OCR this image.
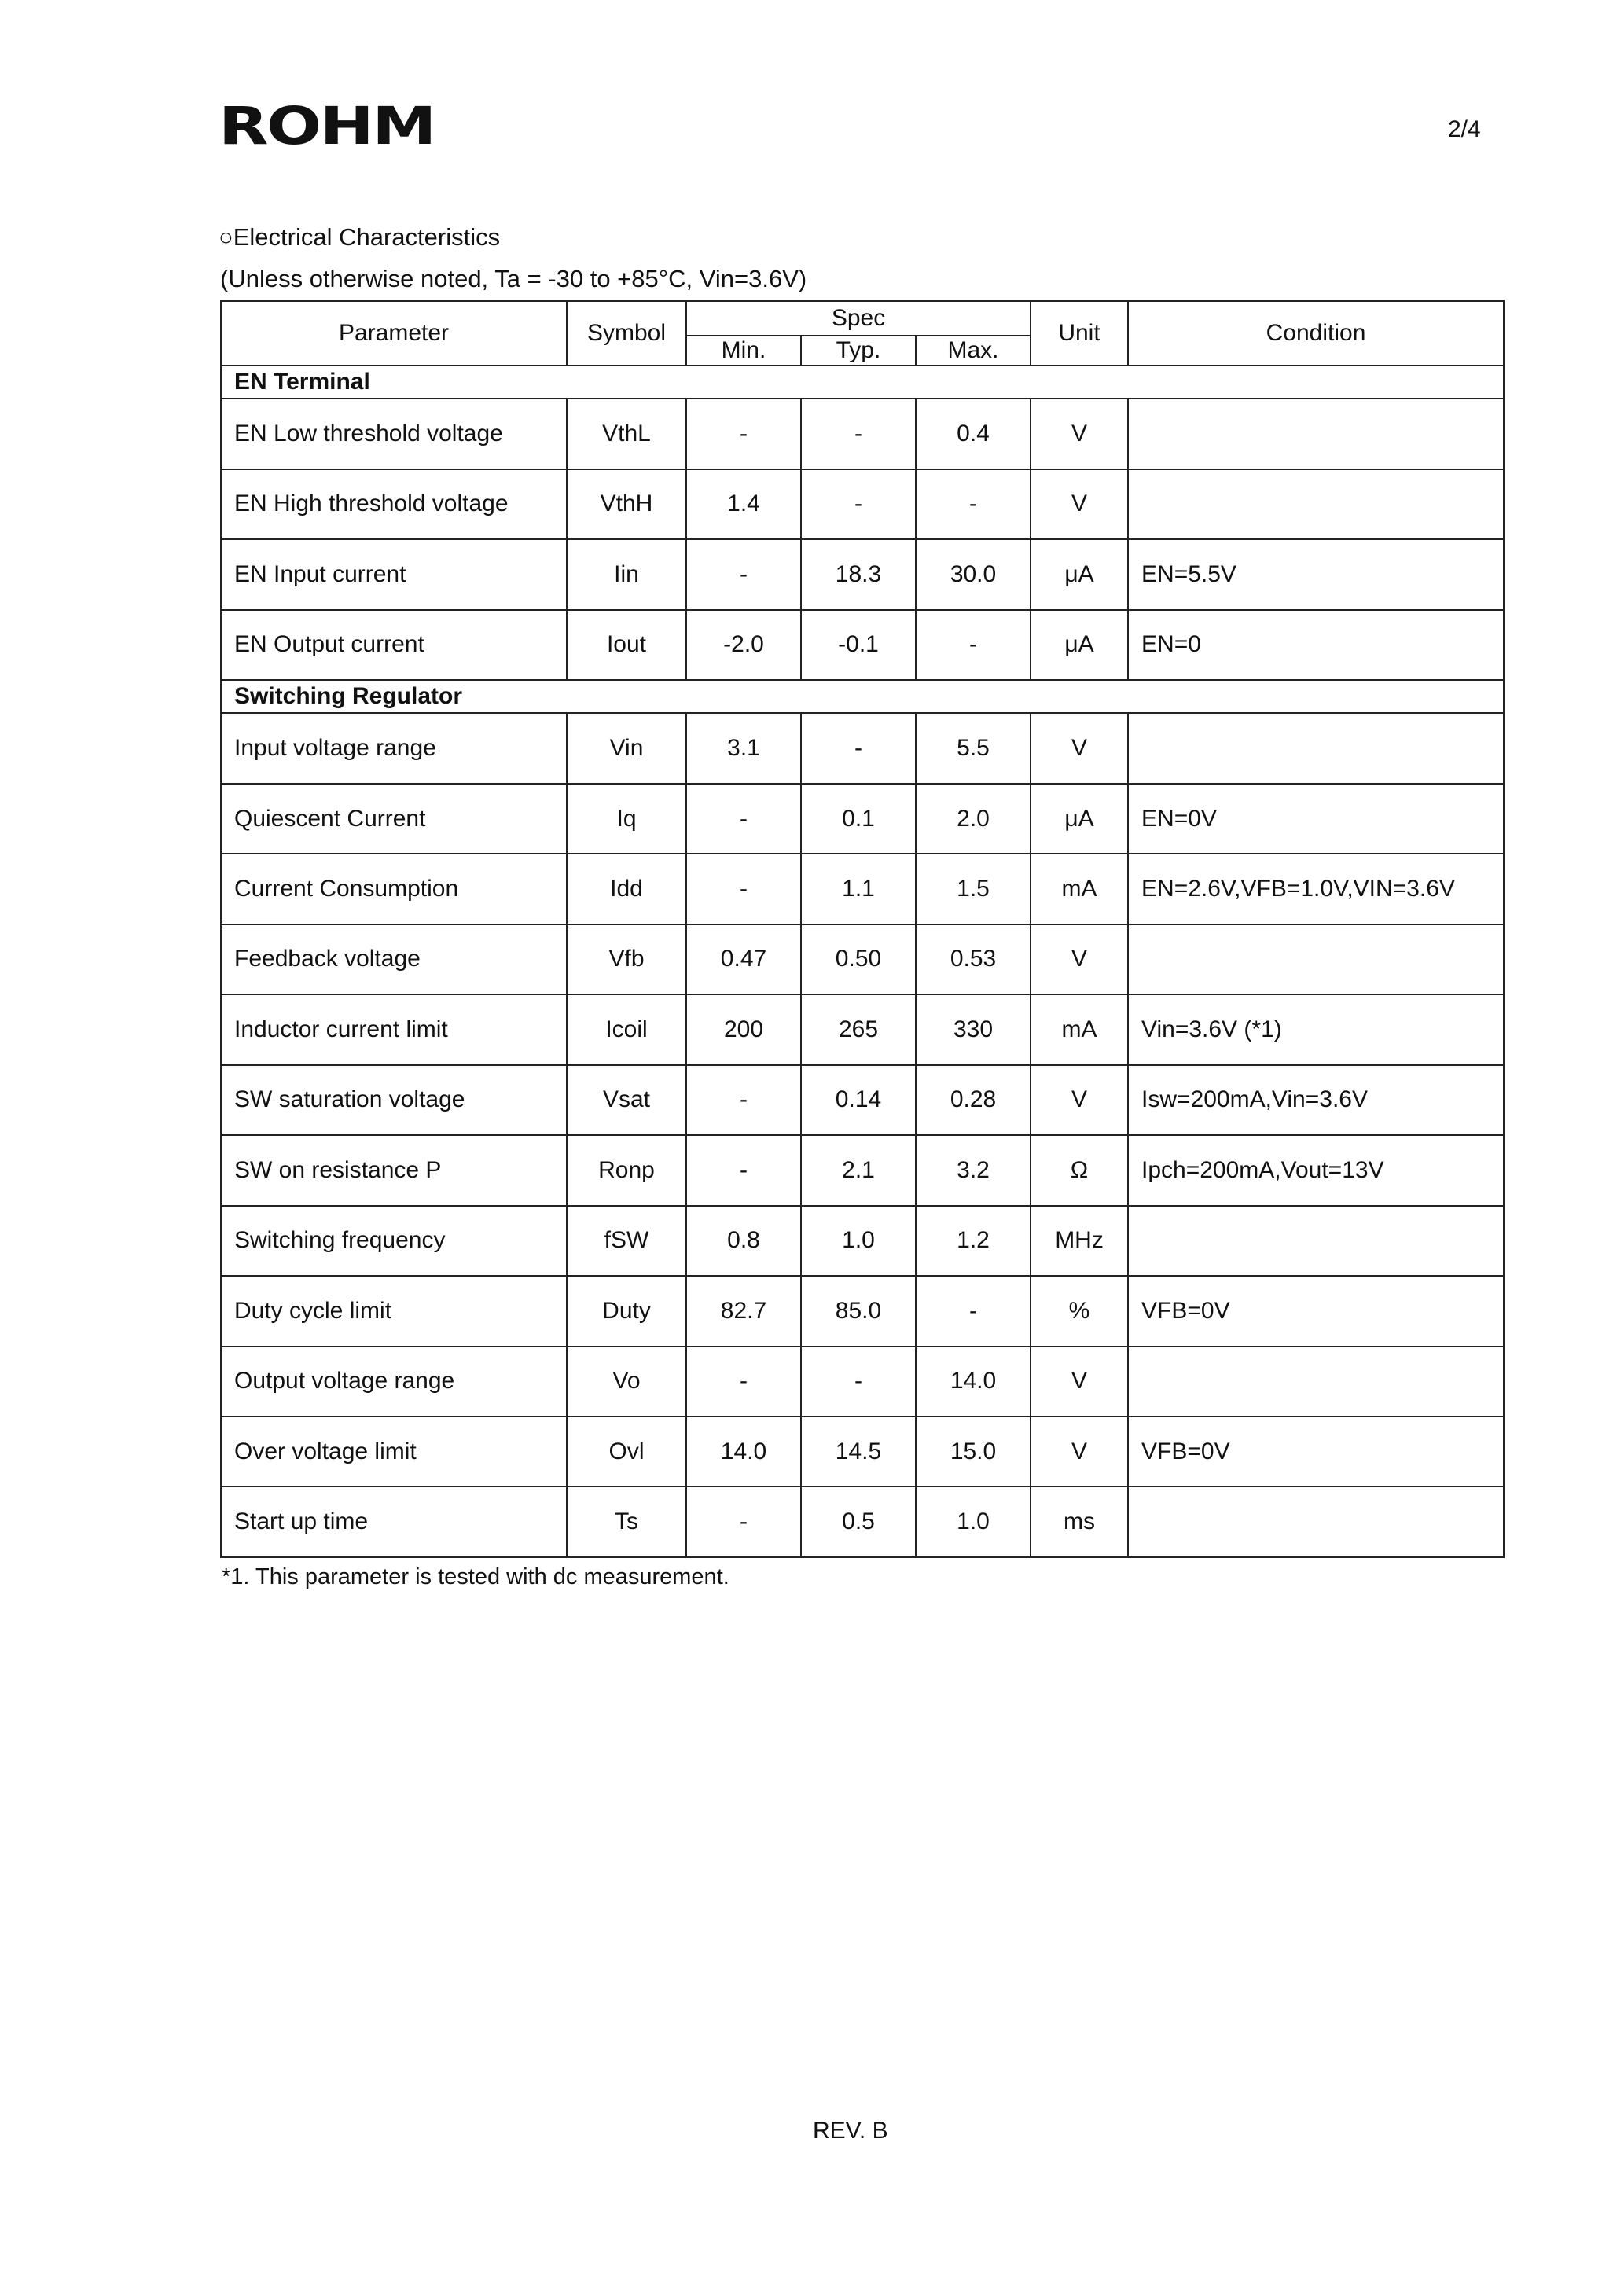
ROHM	2/4
○Electrical Characteristics
(Unless otherwise noted, Ta = -30 to +85°C, Vin=3.6V)
Parameter	Symbol	Spec			Unit	Condition
		Min.	Typ.	Max.		
EN Terminal						
EN Low threshold voltage	VthL	-	-	0.4	V	
EN High threshold voltage	VthH	1.4	-	-	V	
EN Input current	Iin	-	18.3	30.0	μA	EN=5.5V
EN Output current	Iout	-2.0	-0.1	-	μA	EN=0
Switching Regulator						
Input voltage range	Vin	3.1	-	5.5	V	
Quiescent Current	Iq	-	0.1	2.0	μA	EN=0V
Current Consumption	Idd	-	1.1	1.5	mA	EN=2.6V,VFB=1.0V,VIN=3.6V
Feedback voltage	Vfb	0.47	0.50	0.53	V	
Inductor current limit	Icoil	200	265	330	mA	Vin=3.6V (*1)
SW saturation voltage	Vsat	-	0.14	0.28	V	Isw=200mA,Vin=3.6V
SW on resistance P	Ronp	-	2.1	3.2	Ω	Ipch=200mA,Vout=13V
Switching frequency	fSW	0.8	1.0	1.2	MHz	
Duty cycle limit	Duty	82.7	85.0	-	%	VFB=0V
Output voltage range	Vo	-	-	14.0	V	
Over voltage limit	Ovl	14.0	14.5	15.0	V	VFB=0V
Start up time	Ts	-	0.5	1.0	ms	
*1. This parameter is tested with dc measurement.
REV. B
